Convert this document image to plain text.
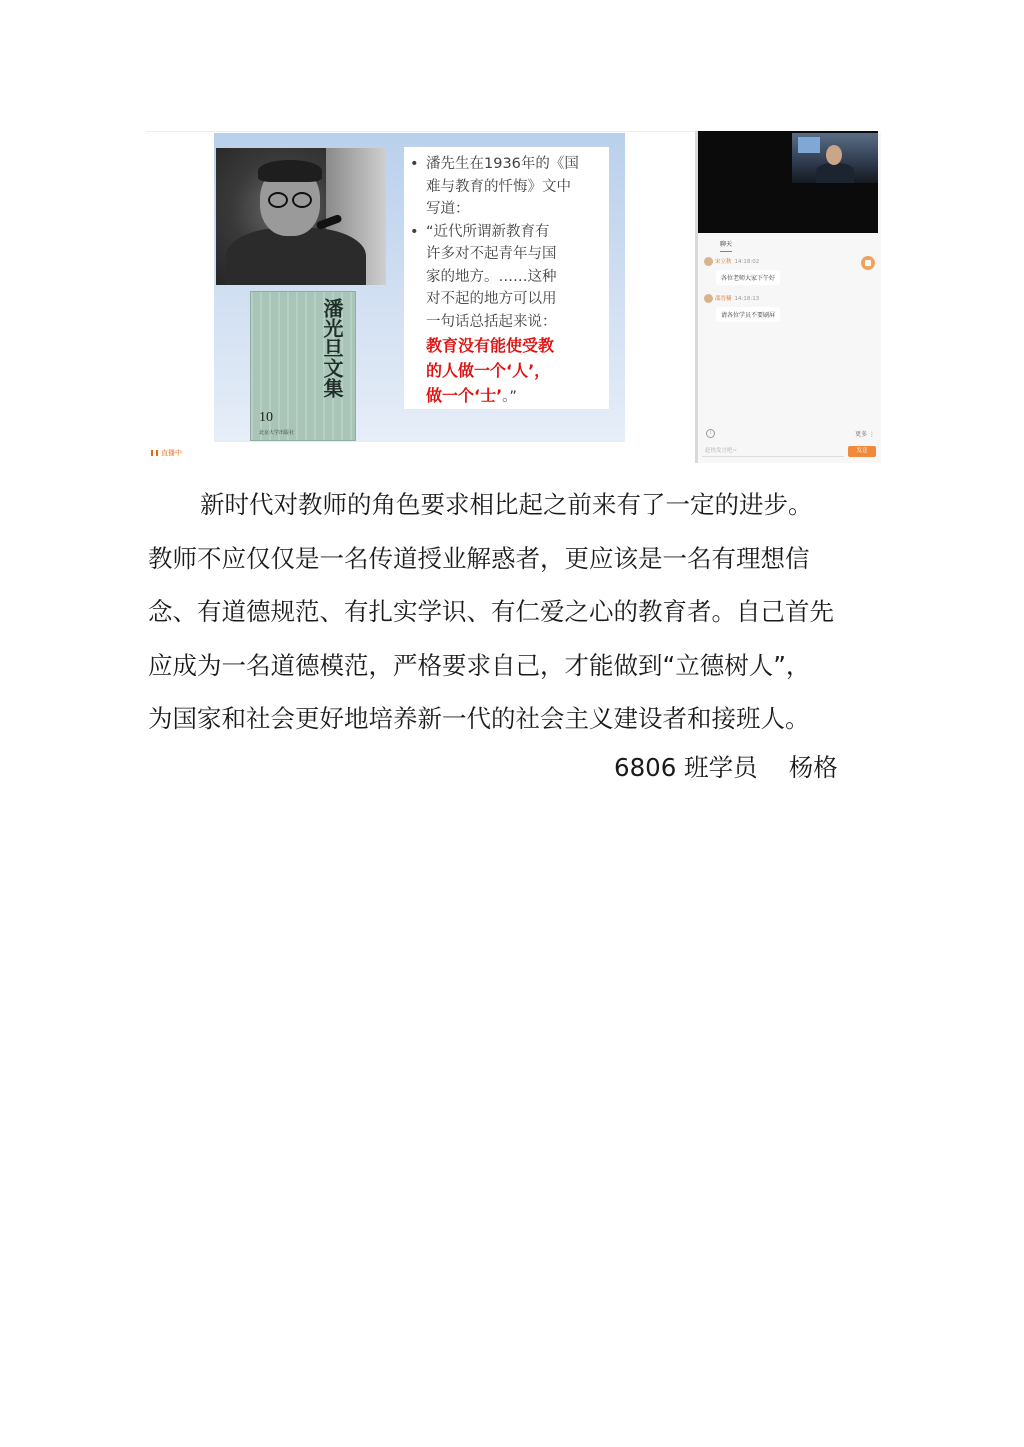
潘光旦文集
10
北京大学出版社
• 潘先生在1936年的《国
难与教育的忏悔》文中
写道：
• “近代所谓新教育有
许多对不起青年与国
家的地方。……这种
对不起的地方可以用
一句话总括起来说：
教育没有能使受教
的人做一个‘人’，
做一个‘士’。”
直播中
聊天
宋立秋 14:18:02
各位老师大家下午好
邵晋楠 14:18:13
请各位学员不要刷屏
i	更多 ⋮
赶快发言吧~	发送
新时代对教师的角色要求相比起之前来有了一定的进步。
教师不应仅仅是一名传道授业解惑者，更应该是一名有理想信
念、有道德规范、有扎实学识、有仁爱之心的教育者。自己首先
应成为一名道德模范，严格要求自己，才能做到“立德树人”，
为国家和社会更好地培养新一代的社会主义建设者和接班人。
6806 班学员    杨格
